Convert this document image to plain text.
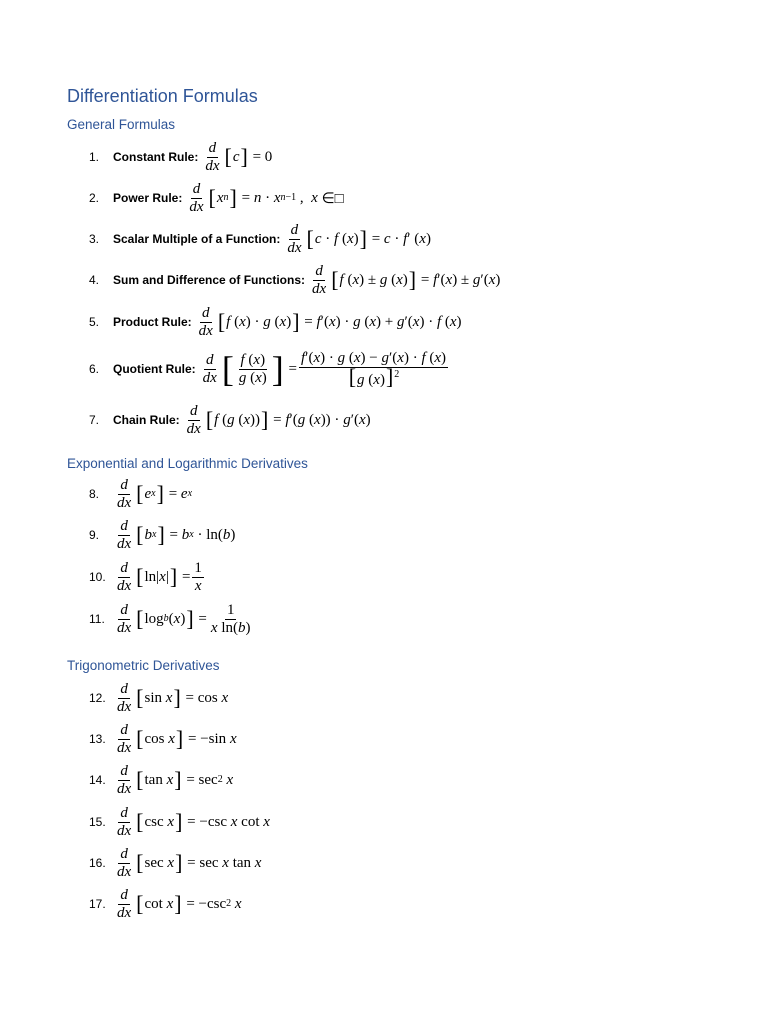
Differentiation Formulas
General Formulas
1.	Constant Rule: $\frac{d}{dx}$ [ c ] = 0
2.	Power Rule: $\frac{d}{dx}$ [ x n ] = n · x n−1 , x ∈□
3.	Scalar Multiple of a Function: $\frac{d}{dx}$ [ c · f ( x ) ] = c · f ′ ( x )
4.	Sum and Difference of Functions: $\frac{d}{dx}$ [ f ( x ) ± g ( x ) ] = f ′( x ) ± g ′( x )
5.	Product Rule: $\frac{d}{dx}$ [ f ( x ) · g ( x ) ] = f ′( x ) · g ( x ) + g ′( x ) · f ( x )
6.	Quotient Rule: $\frac{d}{dx}$ [ $\frac{f (x)}{g (x)}$ ] = $\frac{f'(x) \cdot g (x) - g'(x) \cdot f (x)}{[g (x)]^2}$
7.	Chain Rule: $\frac{d}{dx}$ [ f ( g ( x )) ] = f ′( g ( x )) · g ′( x )
Exponential and Logarithmic Derivatives
8.	$\frac{d}{dx}$ [ e x ] = e x
9.	$\frac{d}{dx}$ [ b x ] = b x · ln( b )
10. $\frac{d}{dx}$ [ ln| x | ] = $\frac{1}{x}$
11. $\frac{d}{dx}$ [ log b ( x ) ] = $\frac{1}{\text{x ln(b)}}$
Trigonometric Derivatives
12. $\frac{d}{dx}$ [ sin x ] = cos x
13. $\frac{d}{dx}$ [ cos x ] = −sin x
14. $\frac{d}{dx}$ [ tan x ] = sec 2
x
15. $\frac{d}{dx}$ [ csc x ] = −csc x cot x
16. $\frac{d}{dx}$ [ sec x ] = sec x tan x
17. $\frac{d}{dx}$ [ cot x ] = −csc 2
x
